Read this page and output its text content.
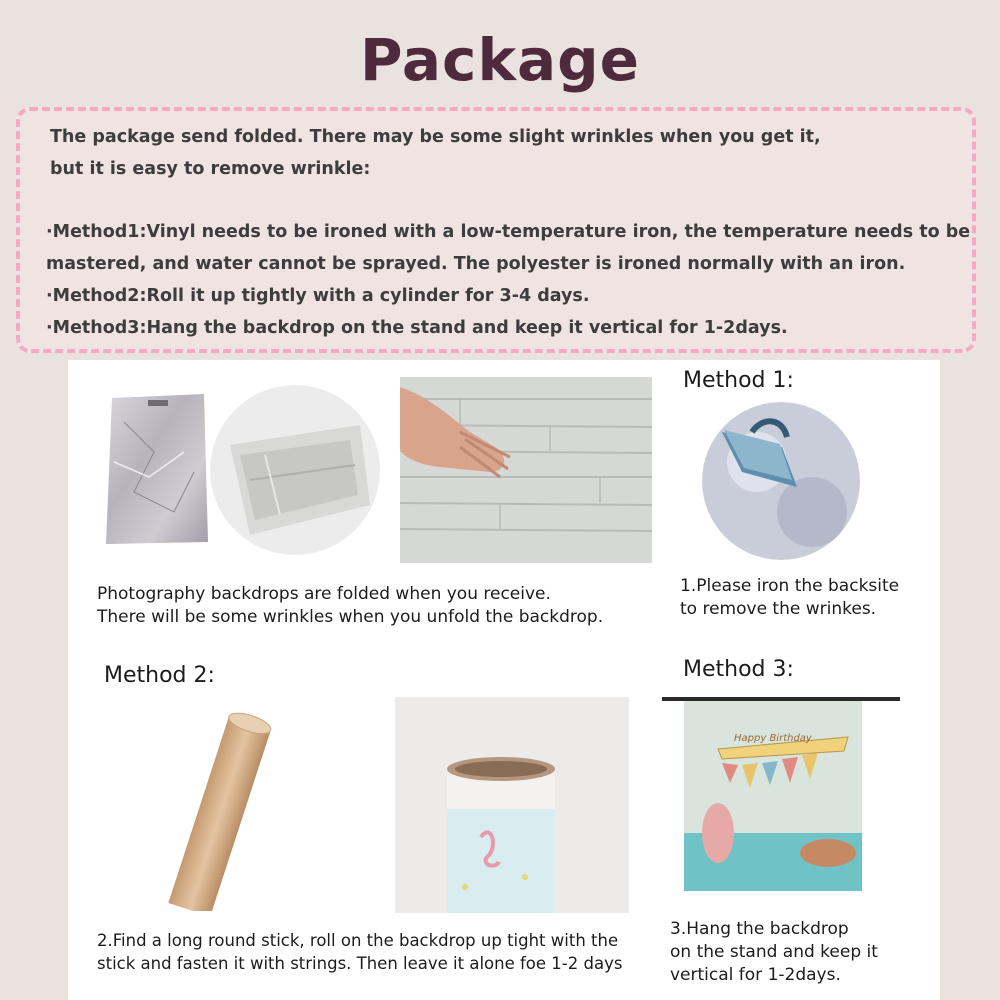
Package
The package send folded. There may be some slight wrinkles when you get it,
but it is easy to remove wrinkle:
·Method1:Vinyl needs to be ironed with a low-temperature iron, the temperature needs to be
mastered, and water cannot be sprayed. The polyester is ironed normally with an iron.
·Method2:Roll it up tightly with a cylinder for 3-4 days.
·Method3:Hang the backdrop on the stand and keep it vertical for 1-2days.
Method 1:
Photography backdrops are folded when you receive.
There will be some wrinkles when you unfold the backdrop.
1.Please iron the backsite
to remove the wrinkes.
Method 2:	Method 3:
Happy Birthday
2.Find a long round stick, roll on the backdrop up tight with the
stick and fasten it with strings. Then leave it alone foe 1-2 days
3.Hang the backdrop
on the stand and keep it
vertical for 1-2days.
